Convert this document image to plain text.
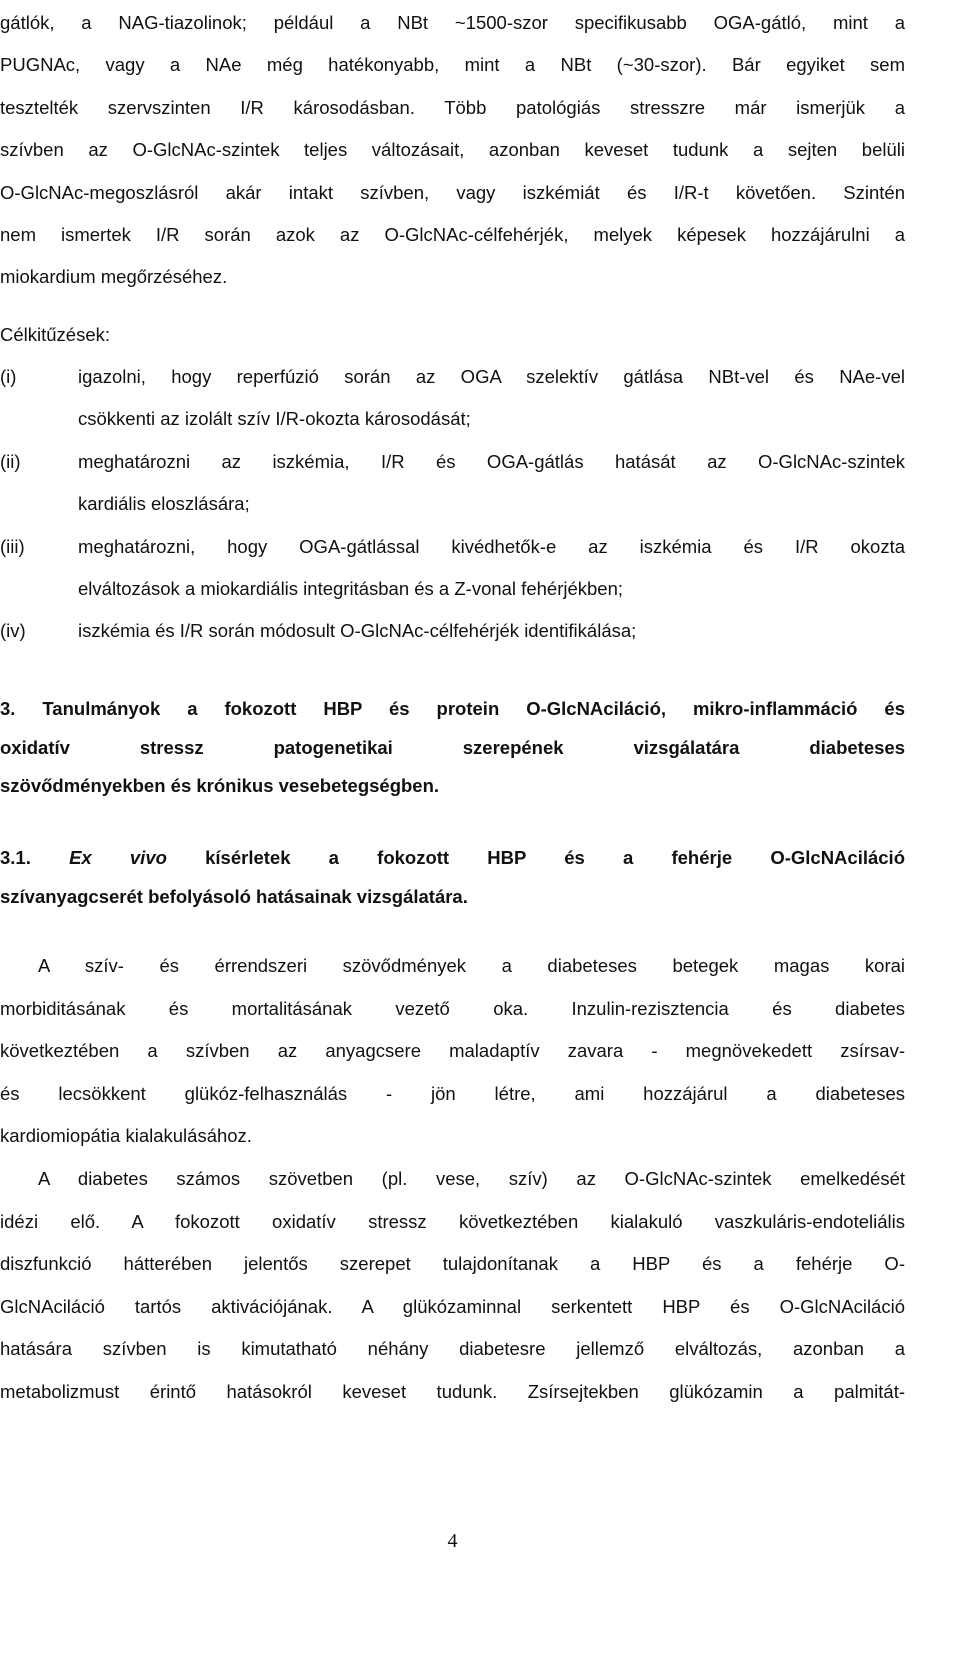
gátlók, a NAG-tiazolinok; például a NBt ~1500-szor specifikusabb OGA-gátló, mint a
PUGNAc, vagy a NAe még hatékonyabb, mint a NBt (~30-szor). Bár egyiket sem
tesztelték szervszinten I/R károsodásban. Több patológiás stresszre már ismerjük a
szívben az O-GlcNAc-szintek teljes változásait, azonban keveset tudunk a sejten belüli
O-GlcNAc-megoszlásról akár intakt szívben, vagy iszkémiát és I/R-t követően. Szintén
nem ismertek I/R során azok az O-GlcNAc-célfehérjék, melyek képesek hozzájárulni a
miokardium megőrzéséhez.
Célkitűzések:
(i)	igazolni, hogy reperfúzió során az OGA szelektív gátlása NBt-vel és NAe-vel
csökkenti az izolált szív I/R-okozta károsodását;
(ii)	meghatározni az iszkémia, I/R és OGA-gátlás hatását az O-GlcNAc-szintek
kardiális eloszlására;
(iii)	meghatározni, hogy OGA-gátlással kivédhetők-e az iszkémia és I/R okozta
elváltozások a miokardiális integritásban és a Z-vonal fehérjékben;
(iv)	iszkémia és I/R során módosult O-GlcNAc-célfehérjék identifikálása;
3. Tanulmányok a fokozott HBP és protein O-GlcNAciláció, mikro-inflammáció és
oxidatív stressz patogenetikai szerepének vizsgálatára diabeteses
szövődményekben és krónikus vesebetegségben.
3.1. Ex vivo kísérletek a fokozott HBP és a fehérje O-GlcNAciláció
szívanyagcserét befolyásoló hatásainak vizsgálatára.
A szív- és érrendszeri szövődmények a diabeteses betegek magas korai
morbiditásának és mortalitásának vezető oka. Inzulin-rezisztencia és diabetes
következtében a szívben az anyagcsere maladaptív zavara - megnövekedett zsírsav-
és lecsökkent glükóz-felhasználás - jön létre, ami hozzájárul a diabeteses
kardiomiopátia kialakulásához.
A diabetes számos szövetben (pl. vese, szív) az O-GlcNAc-szintek emelkedését
idézi elő. A fokozott oxidatív stressz következtében kialakuló vaszkuláris-endoteliális
diszfunkció hátterében jelentős szerepet tulajdonítanak a HBP és a fehérje O-
GlcNAciláció tartós aktivációjának. A glükózaminnal serkentett HBP és O-GlcNAciláció
hatására szívben is kimutatható néhány diabetesre jellemző elváltozás, azonban a
metabolizmust érintő hatásokról keveset tudunk. Zsírsejtekben glükózamin a palmitát-
4
